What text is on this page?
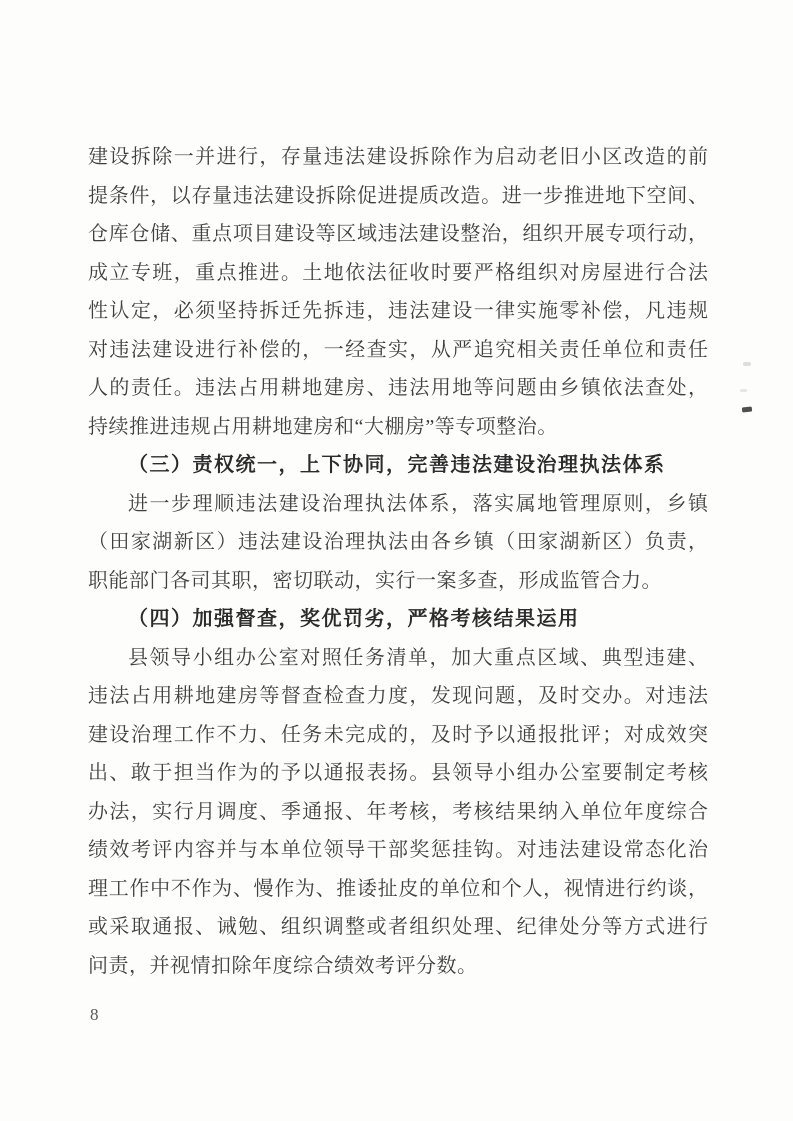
建设拆除一并进行，存量违法建设拆除作为启动老旧小区改造的前
提条件，以存量违法建设拆除促进提质改造。进一步推进地下空间、
仓库仓储、重点项目建设等区域违法建设整治，组织开展专项行动，
成立专班，重点推进。土地依法征收时要严格组织对房屋进行合法
性认定，必须坚持拆迁先拆违，违法建设一律实施零补偿，凡违规
对违法建设进行补偿的，一经查实，从严追究相关责任单位和责任
人的责任。违法占用耕地建房、违法用地等问题由乡镇依法查处，
持续推进违规占用耕地建房和“大棚房”等专项整治。
（三）责权统一，上下协同，完善违法建设治理执法体系
进一步理顺违法建设治理执法体系，落实属地管理原则，乡镇
（田家湖新区）违法建设治理执法由各乡镇（田家湖新区）负责，
职能部门各司其职，密切联动，实行一案多查，形成监管合力。
（四）加强督查，奖优罚劣，严格考核结果运用
县领导小组办公室对照任务清单，加大重点区域、典型违建、
违法占用耕地建房等督查检查力度，发现问题，及时交办。对违法
建设治理工作不力、任务未完成的，及时予以通报批评；对成效突
出、敢于担当作为的予以通报表扬。县领导小组办公室要制定考核
办法，实行月调度、季通报、年考核，考核结果纳入单位年度综合
绩效考评内容并与本单位领导干部奖惩挂钩。对违法建设常态化治
理工作中不作为、慢作为、推诿扯皮的单位和个人，视情进行约谈，
或采取通报、诫勉、组织调整或者组织处理、纪律处分等方式进行
问责，并视情扣除年度综合绩效考评分数。
8
